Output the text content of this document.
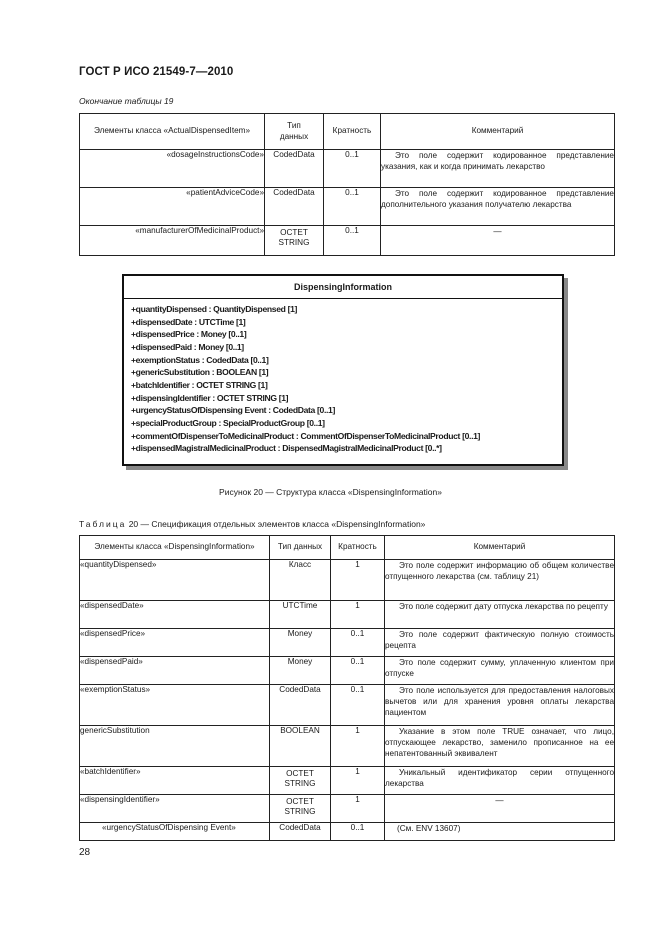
ГОСТ Р ИСО 21549-7—2010
Окончание таблицы 19
Элементы класса «ActualDispensedItem»	Тип данных	Кратность	Комментарий
«dosageInstructionsCode»	CodedData	0..1	Это поле содержит кодированное представление указания, как и когда принимать лекарство
«patientAdviceCode»	CodedData	0..1	Это поле содержит кодированное представление дополнительного указания получателю лекарства
«manufacturerOfMedicinalProduct»	OCTET STRING	0..1	—
DispensingInformation
+quantityDispensed : QuantityDispensed [1]
+dispensedDate : UTCTime [1]
+dispensedPrice : Money [0..1]
+dispensedPaid : Money [0..1]
+exemptionStatus : CodedData [0..1]
+genericSubstitution : BOOLEAN [1]
+batchIdentifier : OCTET STRING [1]
+dispensingIdentifier : OCTET STRING [1]
+urgencyStatusOfDispensing Event : CodedData [0..1]
+specialProductGroup : SpecialProductGroup [0..1]
+commentOfDispenserToMedicinalProduct : CommentOfDispenserToMedicinalProduct [0..1]
+dispensedMagistralMedicinalProduct : DispensedMagistralMedicinalProduct [0..*]
Рисунок 20 — Структура класса «DispensingInformation»
Таблица 20 — Спецификация отдельных элементов класса «DispensingInformation»
Элементы класса «DispensingInformation»	Тип данных	Кратность	Комментарий
«quantityDispensed»	Класс	1	Это поле содержит информацию об общем количестве отпущенного лекарства (см. таблицу 21)
«dispensedDate»	UTCTime	1	Это поле содержит дату отпуска лекарства по рецепту
«dispensedPrice»	Money	0..1	Это поле содержит фактическую полную стоимость рецепта
«dispensedPaid»	Money	0..1	Это поле содержит сумму, уплаченную клиентом при отпуске
«exemptionStatus»	CodedData	0..1	Это поле используется для предоставления налоговых вычетов или для хранения уровня оплаты лекарства пациентом
genericSubstitution	BOOLEAN	1	Указание в этом поле TRUE означает, что лицо, отпускающее лекарство, заменило прописанное на ее непатентованный эквивалент
«batchIdentifier»	OCTET STRING	1	Уникальный идентификатор серии отпущенного лекарства
«dispensingIdentifier»	OCTET STRING	1	—
«urgencyStatusOfDispensing Event»	CodedData	0..1	(См. ENV 13607)
28
